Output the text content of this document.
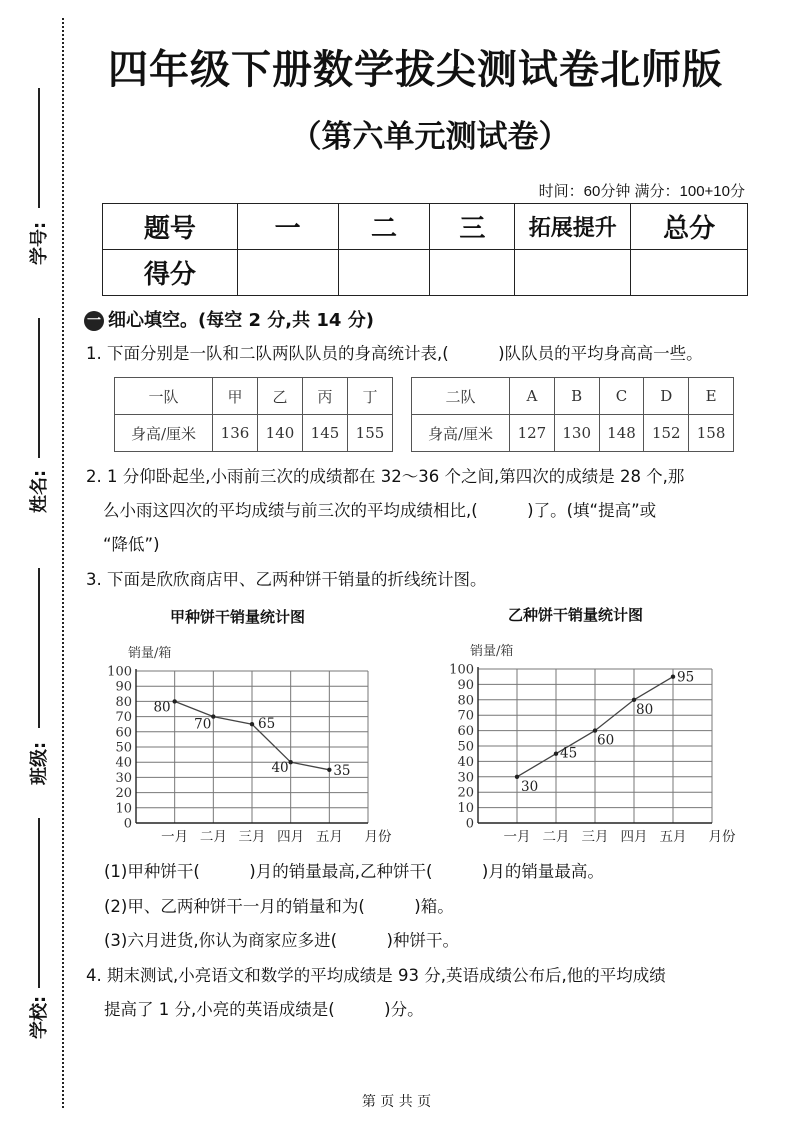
学号:
姓名:
班级:
学校:
四年级下册数学拔尖测试卷北师版
（第六单元测试卷）
时间：60分钟 满分：100+10分
题号	一	二	三	拓展提升	总分
得分					
一 细心填空。(每空 2 分,共 14 分)
1. 下面分别是一队和二队两队队员的身高统计表,(　　　)队队员的平均身高高一些。
一队	甲	乙	丙	丁
身高/厘米	136	140	145	155
二队	A	B	C	D	E
身高/厘米	127	130	148	152	158
2. 1 分仰卧起坐,小雨前三次的成绩都在 32～36 个之间,第四次的成绩是 28 个,那
么小雨这四次的平均成绩与前三次的平均成绩相比,(　　　)了。(填“提高”或
“降低”)
3. 下面是欣欣商店甲、乙两种饼干销量的折线统计图。
甲种饼干销量统计图	乙种饼干销量统计图
0
10
20
30
40
50
60
70
80
90
100
销量/箱
一月 二月 三月 四月 五月 月份
80
70	65
40	35
0
10
20
30
40
50
60
70
80
90
100
销量/箱
一月 二月 三月 四月 五月 月份
30
45
60
80
95
(1)甲种饼干(　　　)月的销量最高,乙种饼干(　　　)月的销量最高。
(2)甲、乙两种饼干一月的销量和为(　　　)箱。
(3)六月进货,你认为商家应多进(　　　)种饼干。
4. 期末测试,小亮语文和数学的平均成绩是 93 分,英语成绩公布后,他的平均成绩
提高了 1 分,小亮的英语成绩是(　　　)分。
第 页 共 页
